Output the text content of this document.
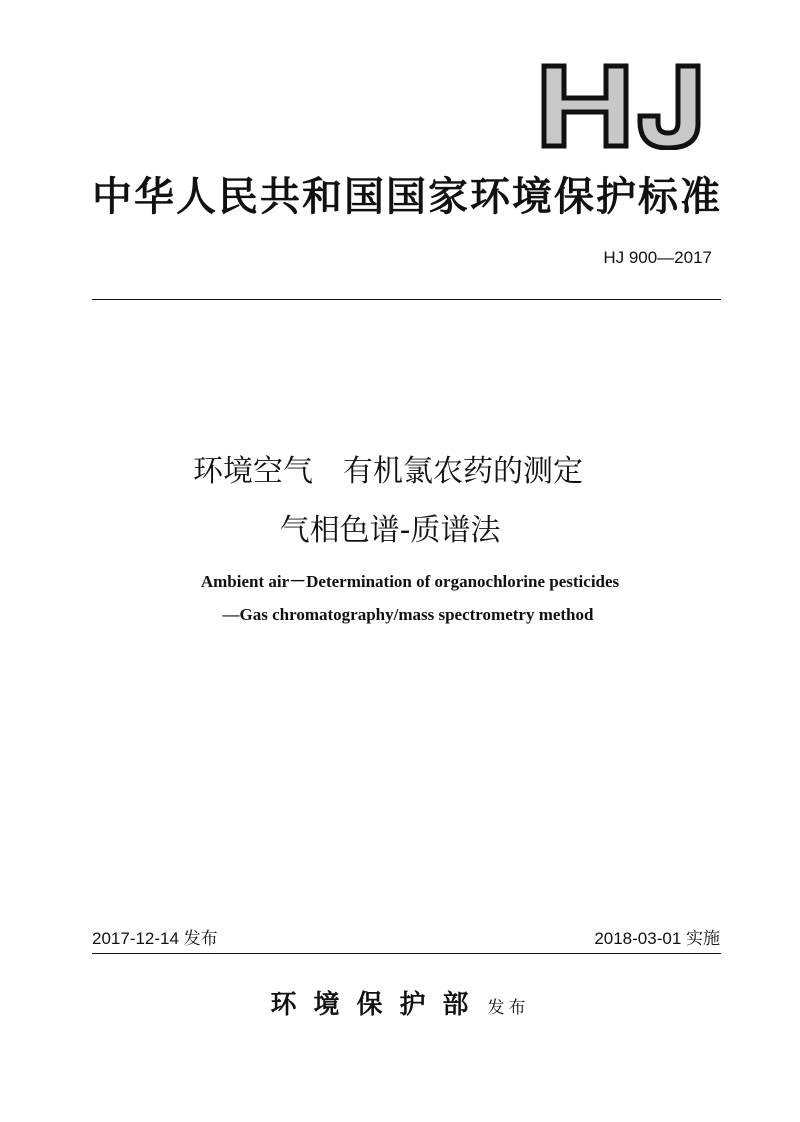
中华人民共和国国家环境保护标准
HJ 900—2017
环境空气　有机氯农药的测定
气相色谱-质谱法
Ambient air－Determination of organochlorine pesticides
—Gas chromatography/mass spectrometry method
2017-12-14 发布	2018-03-01 实施
环境保护部 发布
